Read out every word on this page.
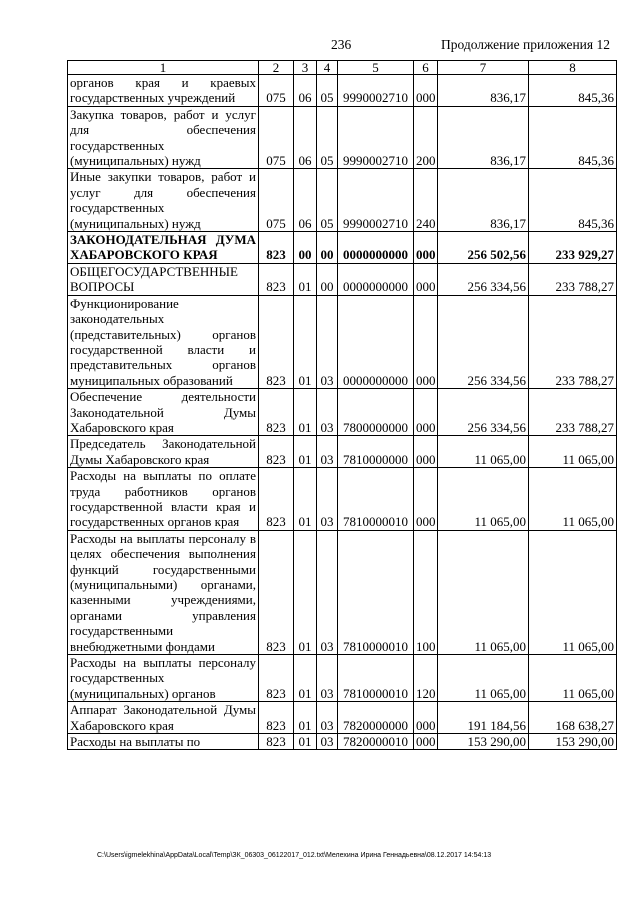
236	Продолжение приложения 12
1	2	3	4	5	6	7	8
органов края и краевых государственных учреждений	075	06	05	9990002710	000	836,17	845,36
Закупка товаров, работ и услуг для обеспечения государственных (муниципальных) нужд	075	06	05	9990002710	200	836,17	845,36
Иные закупки товаров, работ и услуг для обеспечения государственных (муниципальных) нужд	075	06	05	9990002710	240	836,17	845,36
ЗАКОНОДАТЕЛЬНАЯ ДУМА ХАБАРОВСКОГО КРАЯ	823	00	00	0000000000	000	256 502,56	233 929,27
ОБЩЕГОСУДАРСТВЕННЫЕ ВОПРОСЫ	823	01	00	0000000000	000	256 334,56	233 788,27
Функционирование законодательных (представительных) органов государственной власти и представительных органов муниципальных образований	823	01	03	0000000000	000	256 334,56	233 788,27
Обеспечение деятельности Законодательной Думы Хабаровского края	823	01	03	7800000000	000	256 334,56	233 788,27
Председатель Законодательной Думы Хабаровского края	823	01	03	7810000000	000	11 065,00	11 065,00
Расходы на выплаты по оплате труда работников органов государственной власти края и государственных органов края	823	01	03	7810000010	000	11 065,00	11 065,00
Расходы на выплаты персоналу в целях обеспечения выполнения функций государственными (муниципальными) органами, казенными учреждениями, органами управления государственными внебюджетными фондами	823	01	03	7810000010	100	11 065,00	11 065,00
Расходы на выплаты персоналу государственных (муниципальных) органов	823	01	03	7810000010	120	11 065,00	11 065,00
Аппарат Законодательной Думы Хабаровского края	823	01	03	7820000000	000	191 184,56	168 638,27
Расходы на выплаты по	823	01	03	7820000010	000	153 290,00	153 290,00
C:\Users\igmelekhina\AppData\Local\Temp\ЗК_06303_06122017_012.txt\Мелехина Ирина Геннадьевна\08.12.2017 14:54:13
